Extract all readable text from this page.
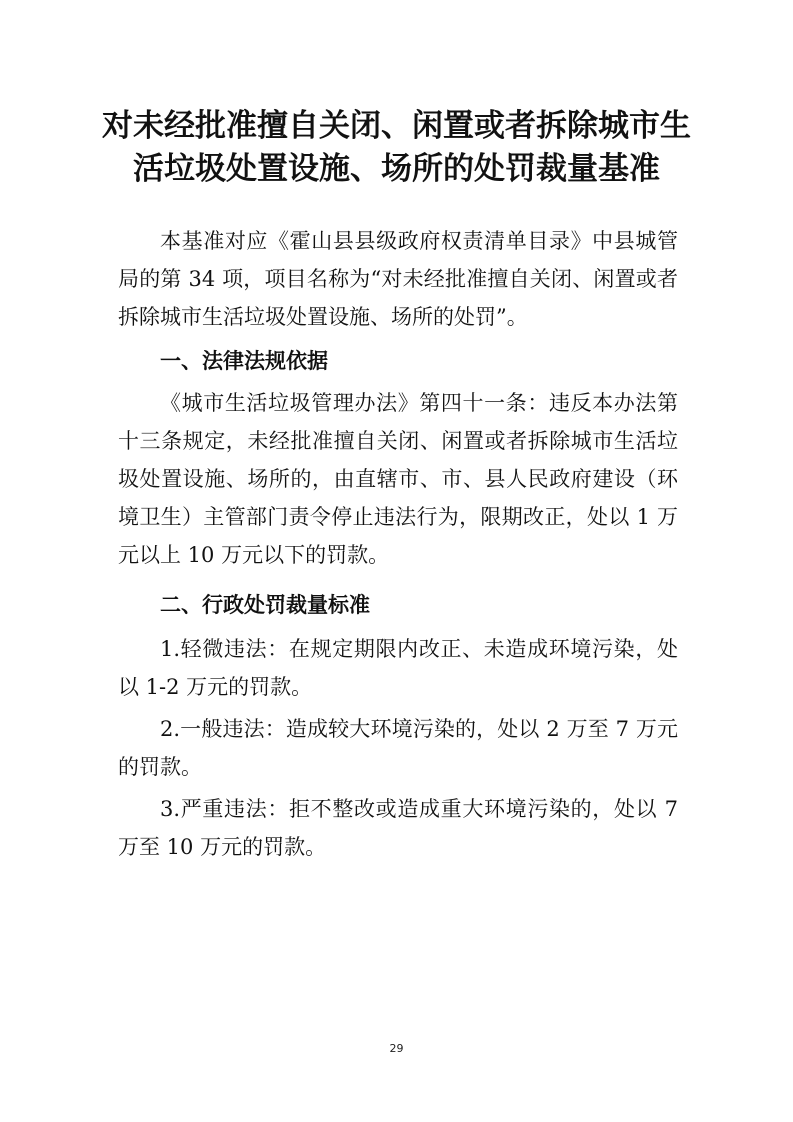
对未经批准擅自关闭、闲置或者拆除城市生
活垃圾处置设施、场所的处罚裁量基准

本基准对应《霍山县县级政府权责清单目录》中县城管局的第 34 项，项目名称为“对未经批准擅自关闭、闲置或者拆除城市生活垃圾处置设施、场所的处罚”。

一、法律法规依据

《城市生活垃圾管理办法》第四十一条：违反本办法第十三条规定，未经批准擅自关闭、闲置或者拆除城市生活垃圾处置设施、场所的，由直辖市、市、县人民政府建设（环境卫生）主管部门责令停止违法行为，限期改正，处以 1 万元以上 10 万元以下的罚款。

二、行政处罚裁量标准

1.轻微违法：在规定期限内改正、未造成环境污染，处以 1-2 万元的罚款。

2.一般违法：造成较大环境污染的，处以 2 万至 7 万元的罚款。

3.严重违法：拒不整改或造成重大环境污染的，处以 7 万至 10 万元的罚款。

29
